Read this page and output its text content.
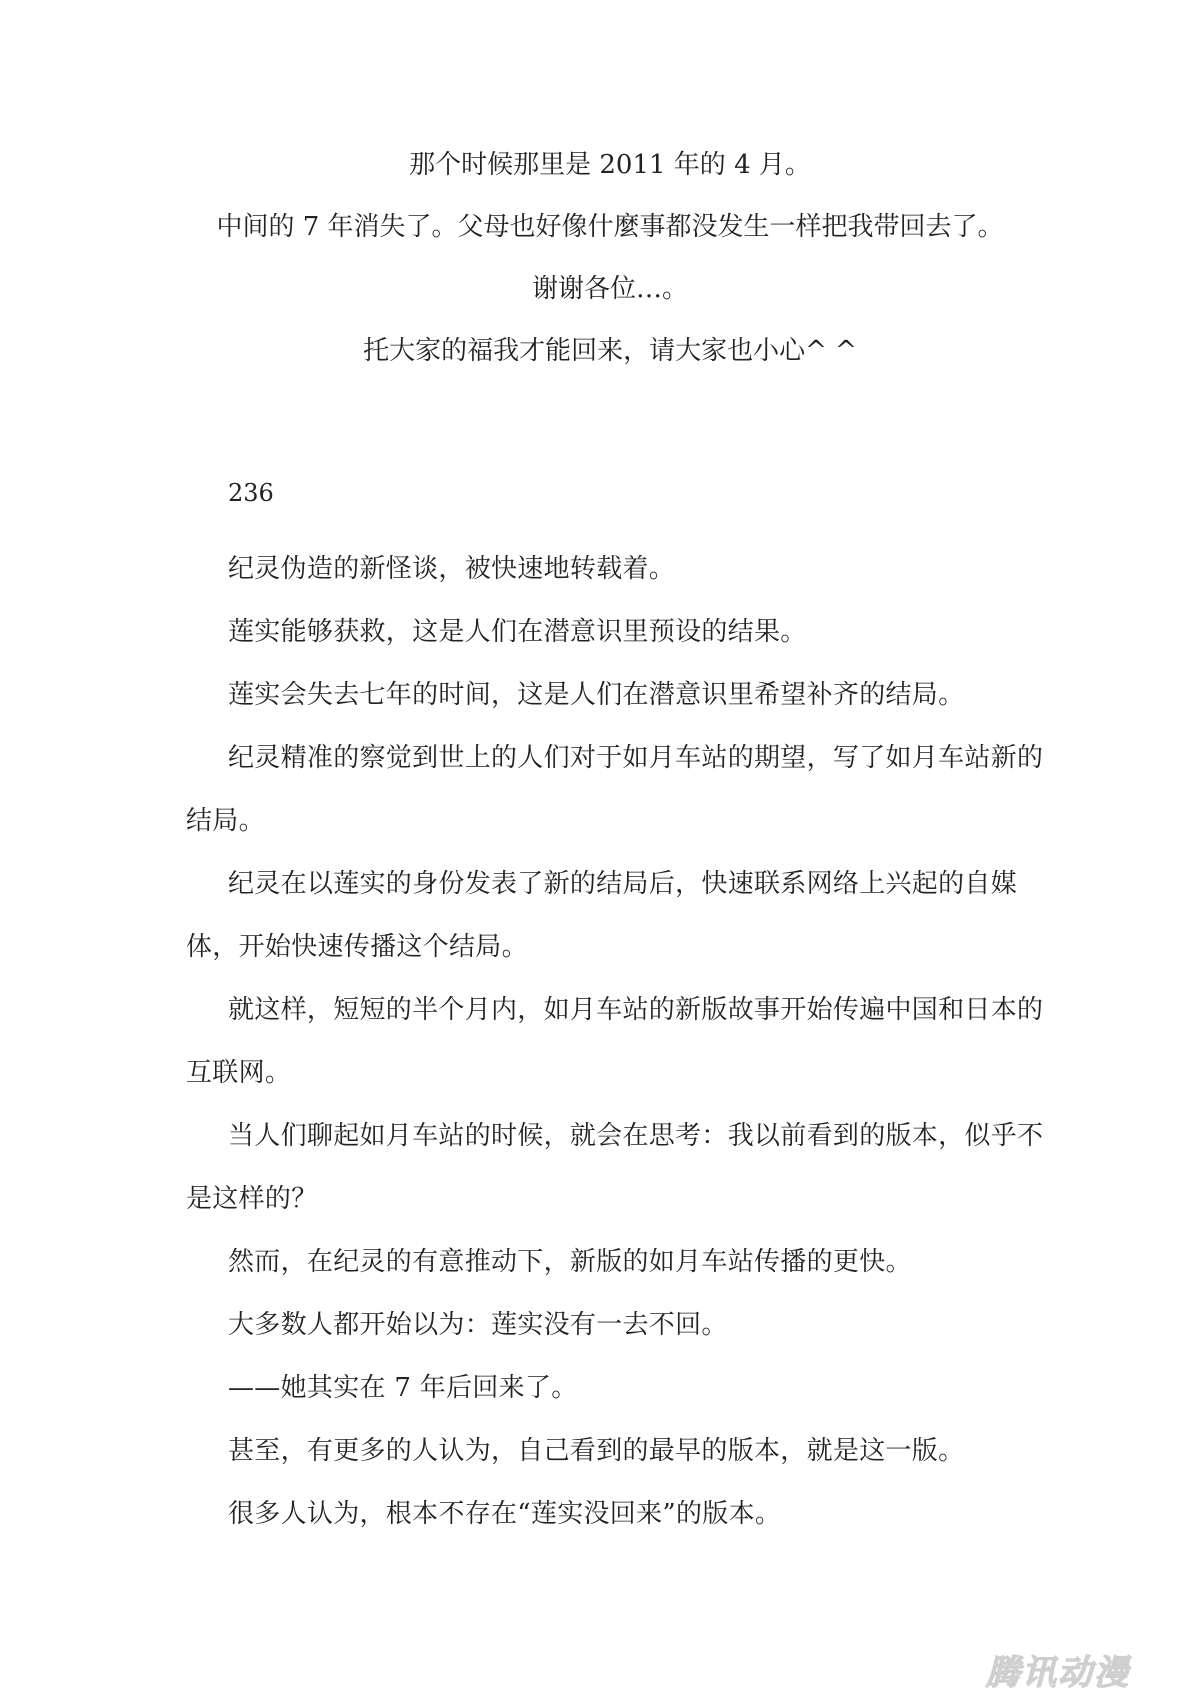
那个时候那里是 2011 年的 4 月。

中间的 7 年消失了。父母也好像什麼事都没发生一样把我带回去了。

谢谢各位…。

托大家的福我才能回来，请大家也小心^ ^

236

纪灵伪造的新怪谈，被快速地转载着。

莲实能够获救，这是人们在潜意识里预设的结果。

莲实会失去七年的时间，这是人们在潜意识里希望补齐的结局。

纪灵精准的察觉到世上的人们对于如月车站的期望，写了如月车站新的结局。

纪灵在以莲实的身份发表了新的结局后，快速联系网络上兴起的自媒体，开始快速传播这个结局。

就这样，短短的半个月内，如月车站的新版故事开始传遍中国和日本的互联网。

当人们聊起如月车站的时候，就会在思考：我以前看到的版本，似乎不是这样的？

然而，在纪灵的有意推动下，新版的如月车站传播的更快。

大多数人都开始以为：莲实没有一去不回。

——她其实在 7 年后回来了。

甚至，有更多的人认为，自己看到的最早的版本，就是这一版。

很多人认为，根本不存在“莲实没回来”的版本。

腾讯动漫
